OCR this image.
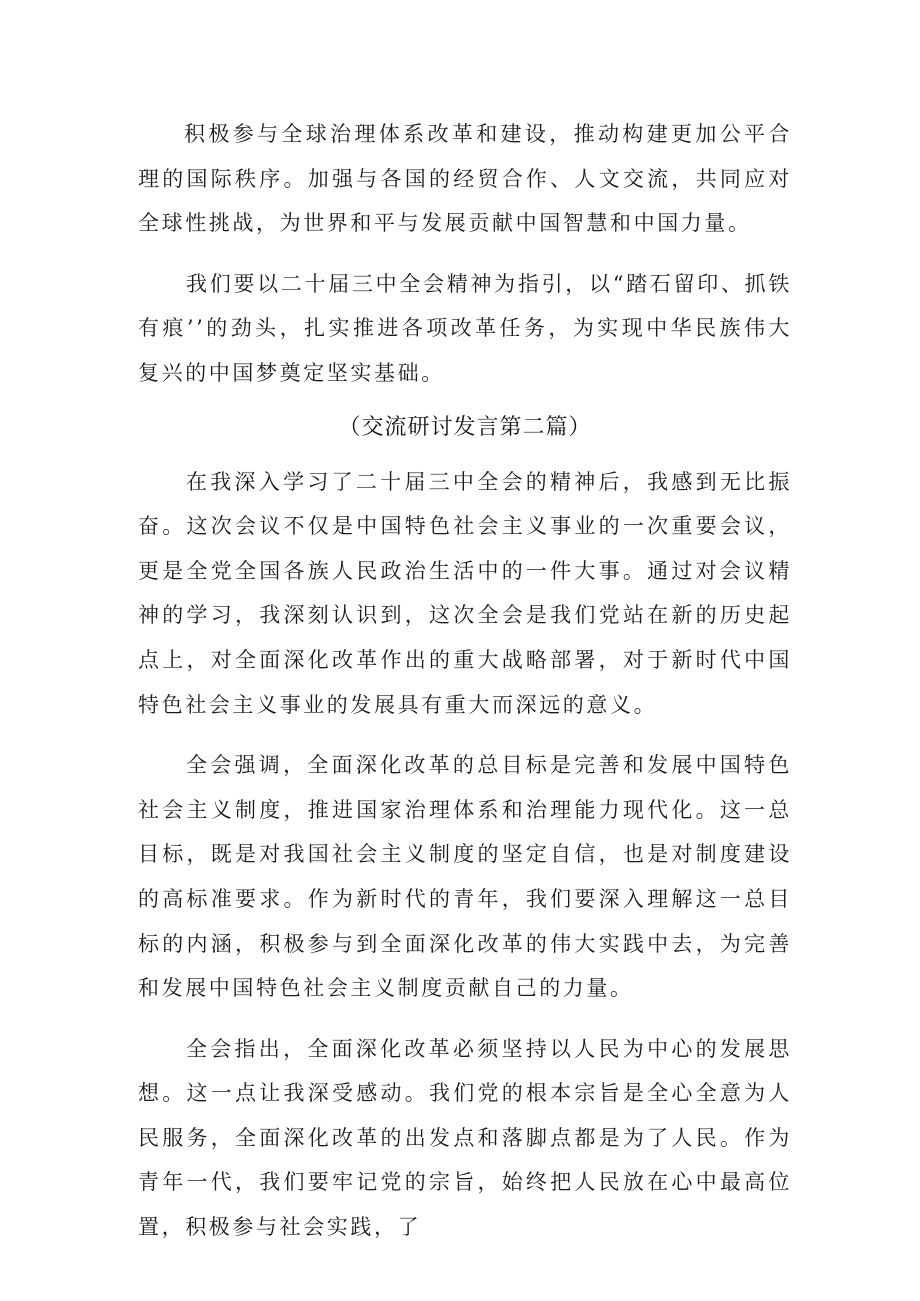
积极参与全球治理体系改革和建设，推动构建更加公平合理的国际秩序。加强与各国的经贸合作、人文交流，共同应对全球性挑战，为世界和平与发展贡献中国智慧和中国力量。

我们要以二十届三中全会精神为指引，以“踏石留印、抓铁有痕’’的劲头，扎实推进各项改革任务，为实现中华民族伟大复兴的中国梦奠定坚实基础。

（交流研讨发言第二篇）

在我深入学习了二十届三中全会的精神后，我感到无比振奋。这次会议不仅是中国特色社会主义事业的一次重要会议，更是全党全国各族人民政治生活中的一件大事。通过对会议精神的学习，我深刻认识到，这次全会是我们党站在新的历史起点上，对全面深化改革作出的重大战略部署，对于新时代中国特色社会主义事业的发展具有重大而深远的意义。

全会强调，全面深化改革的总目标是完善和发展中国特色社会主义制度，推进国家治理体系和治理能力现代化。这一总目标，既是对我国社会主义制度的坚定自信，也是对制度建设的高标准要求。作为新时代的青年，我们要深入理解这一总目标的内涵，积极参与到全面深化改革的伟大实践中去，为完善和发展中国特色社会主义制度贡献自己的力量。

全会指出，全面深化改革必须坚持以人民为中心的发展思想。这一点让我深受感动。我们党的根本宗旨是全心全意为人民服务，全面深化改革的出发点和落脚点都是为了人民。作为青年一代，我们要牢记党的宗旨，始终把人民放在心中最高位置，积极参与社会实践，了
